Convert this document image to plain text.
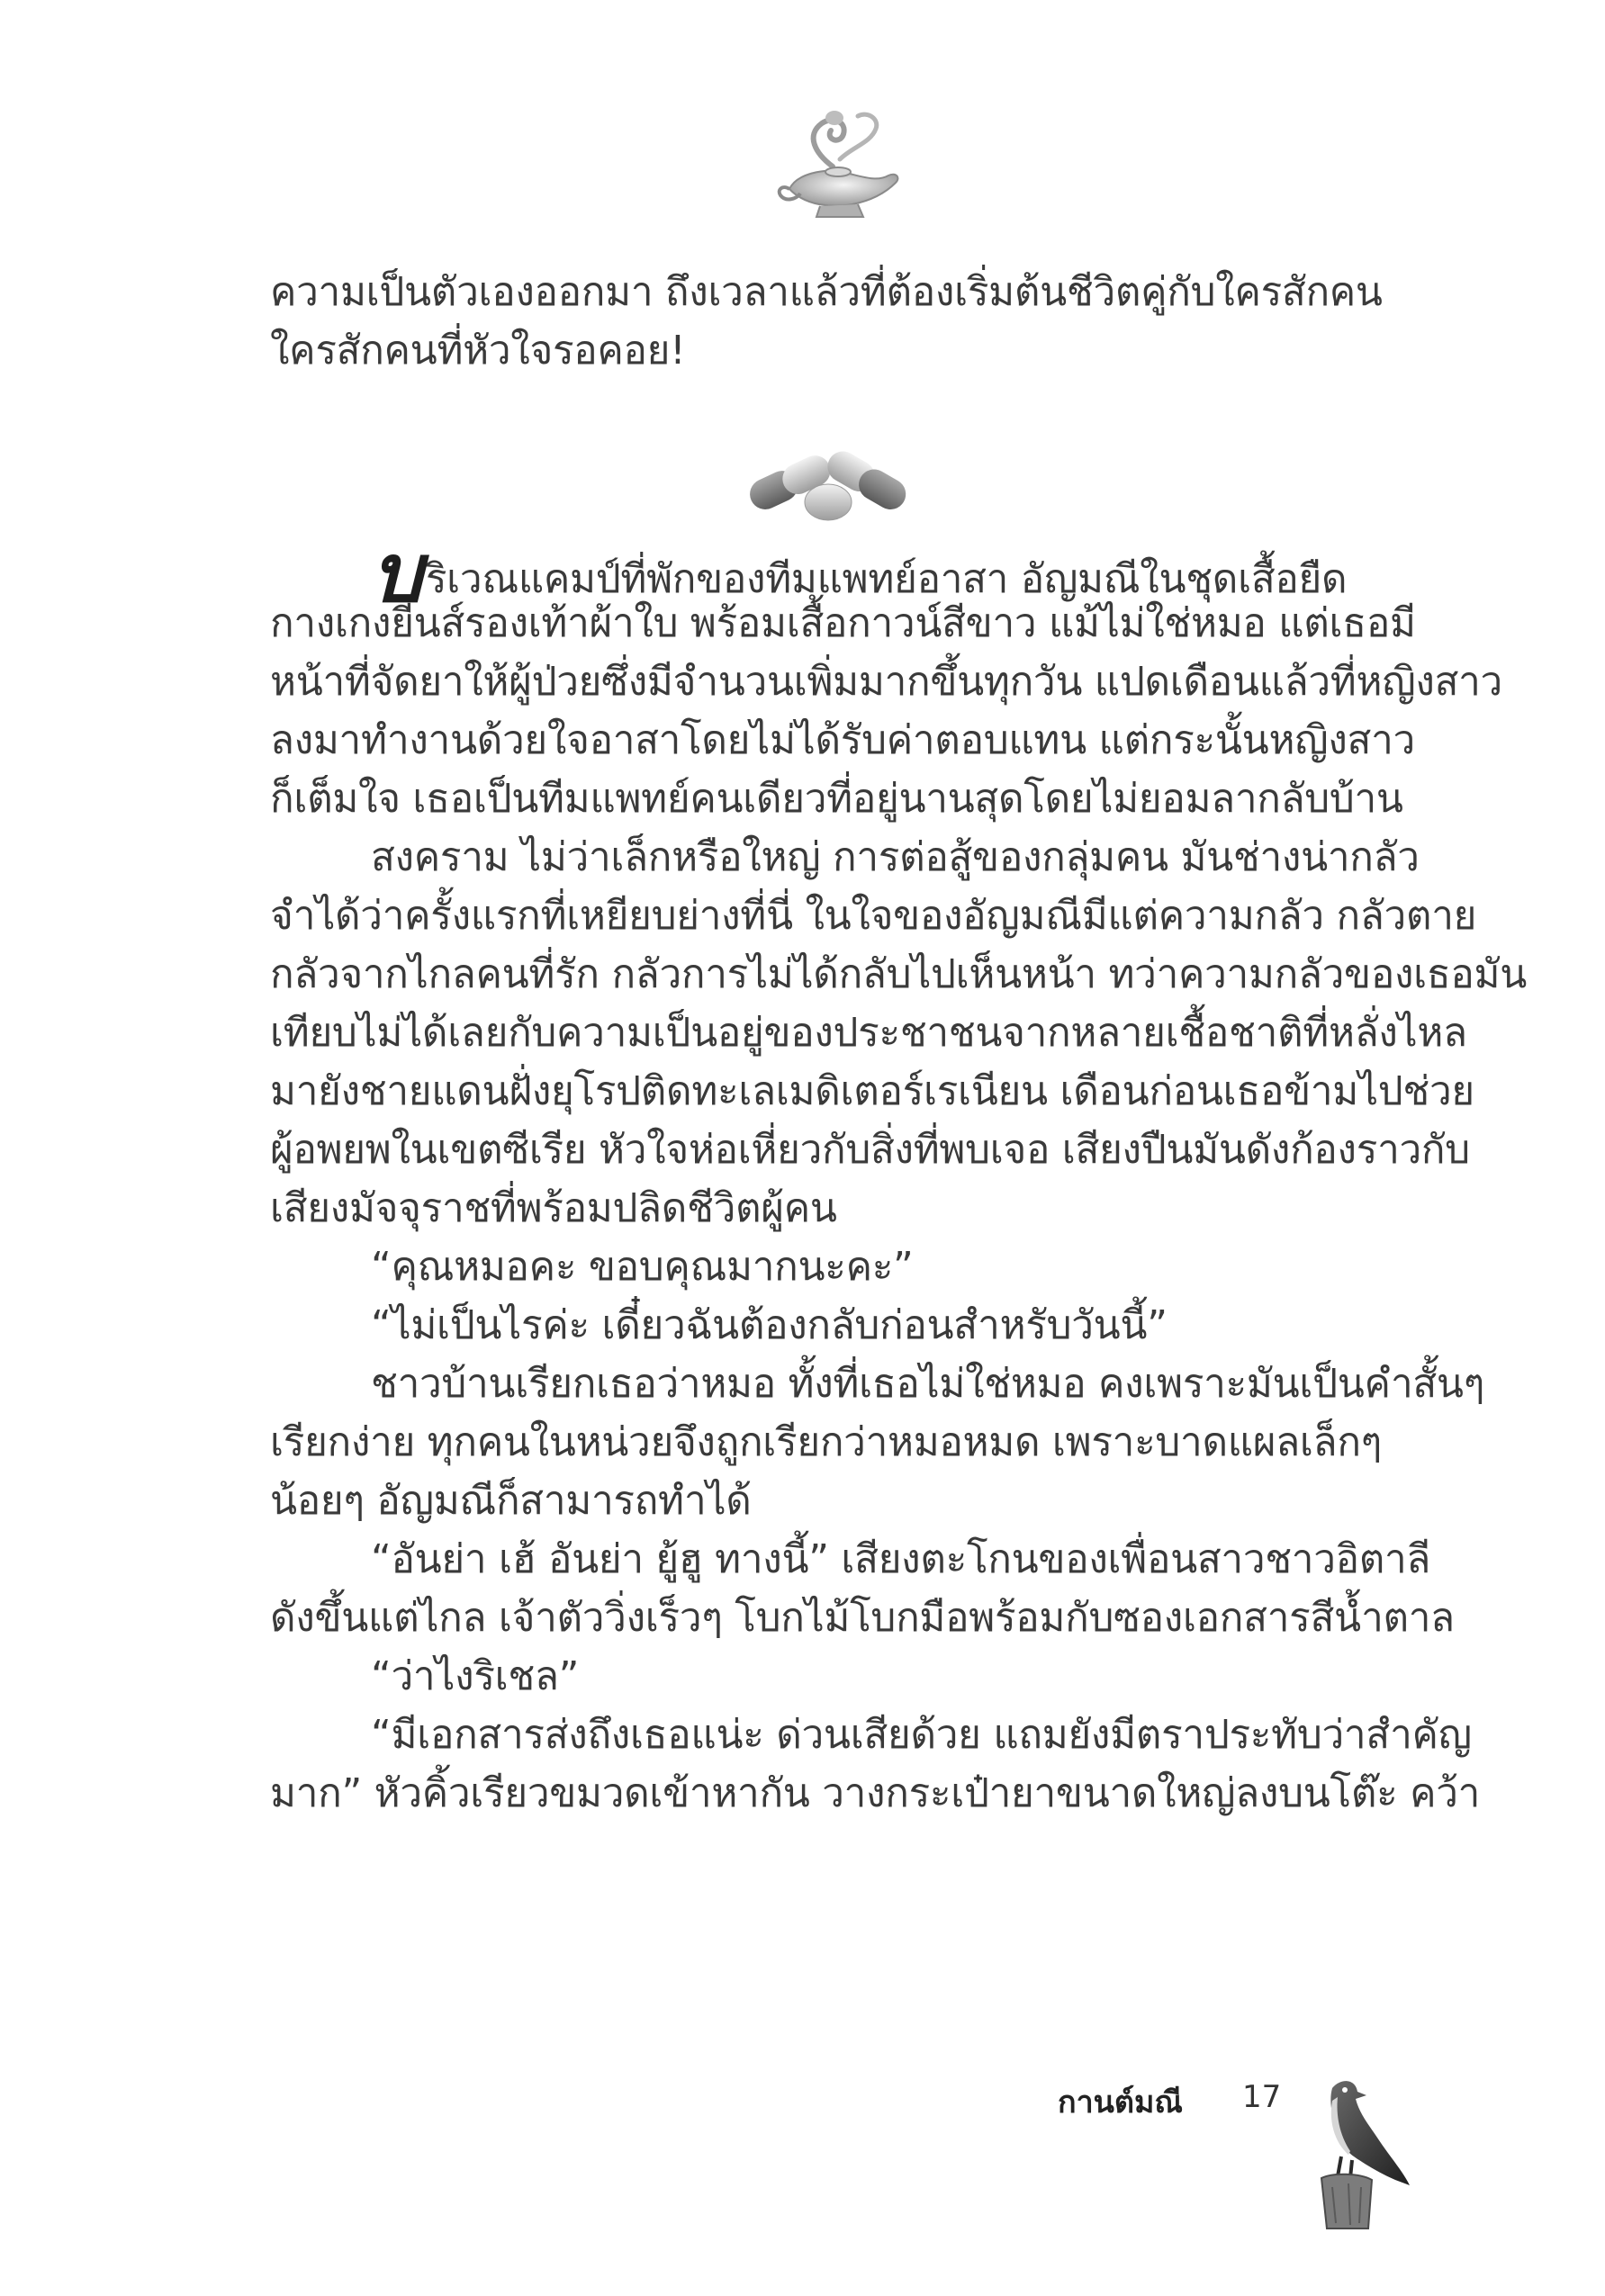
ความเป็นตัวเองออกมา ถึงเวลาแล้วที่ต้องเริ่มต้นชีวิตคู่กับใครสักคน
ใครสักคนที่หัวใจรอคอย!
บริเวณแคมป์ที่พักของทีมแพทย์อาสา อัญมณีในชุดเสื้อยืด
กางเกงยีนส์รองเท้าผ้าใบ พร้อมเสื้อกาวน์สีขาว แม้ไม่ใช่หมอ แต่เธอมี
หน้าที่จัดยาให้ผู้ป่วยซึ่งมีจำนวนเพิ่มมากขึ้นทุกวัน แปดเดือนแล้วที่หญิงสาว
ลงมาทำงานด้วยใจอาสาโดยไม่ได้รับค่าตอบแทน แต่กระนั้นหญิงสาว
ก็เต็มใจ เธอเป็นทีมแพทย์คนเดียวที่อยู่นานสุดโดยไม่ยอมลากลับบ้าน
สงคราม ไม่ว่าเล็กหรือใหญ่ การต่อสู้ของกลุ่มคน มันช่างน่ากลัว
จำได้ว่าครั้งแรกที่เหยียบย่างที่นี่ ในใจของอัญมณีมีแต่ความกลัว กลัวตาย
กลัวจากไกลคนที่รัก กลัวการไม่ได้กลับไปเห็นหน้า ทว่าความกลัวของเธอมัน
เทียบไม่ได้เลยกับความเป็นอยู่ของประชาชนจากหลายเชื้อชาติที่หลั่งไหล
มายังชายแดนฝั่งยุโรปติดทะเลเมดิเตอร์เรเนียน เดือนก่อนเธอข้ามไปช่วย
ผู้อพยพในเขตซีเรีย หัวใจห่อเหี่ยวกับสิ่งที่พบเจอ เสียงปืนมันดังก้องราวกับ
เสียงมัจจุราชที่พร้อมปลิดชีวิตผู้คน
“คุณหมอคะ ขอบคุณมากนะคะ”
“ไม่เป็นไรค่ะ เดี๋ยวฉันต้องกลับก่อนสำหรับวันนี้”
ชาวบ้านเรียกเธอว่าหมอ ทั้งที่เธอไม่ใช่หมอ คงเพราะมันเป็นคำสั้นๆ
เรียกง่าย ทุกคนในหน่วยจึงถูกเรียกว่าหมอหมด เพราะบาดแผลเล็กๆ
น้อยๆ อัญมณีก็สามารถทำได้
“อันย่า เฮ้ อันย่า ยู้ฮู ทางนี้” เสียงตะโกนของเพื่อนสาวชาวอิตาลี
ดังขึ้นแต่ไกล เจ้าตัววิ่งเร็วๆ โบกไม้โบกมือพร้อมกับซองเอกสารสีน้ำตาล
“ว่าไงริเชล”
“มีเอกสารส่งถึงเธอแน่ะ ด่วนเสียด้วย แถมยังมีตราประทับว่าสำคัญ
มาก” หัวคิ้วเรียวขมวดเข้าหากัน วางกระเป๋ายาขนาดใหญ่ลงบนโต๊ะ คว้า
กานต์มณี 17
